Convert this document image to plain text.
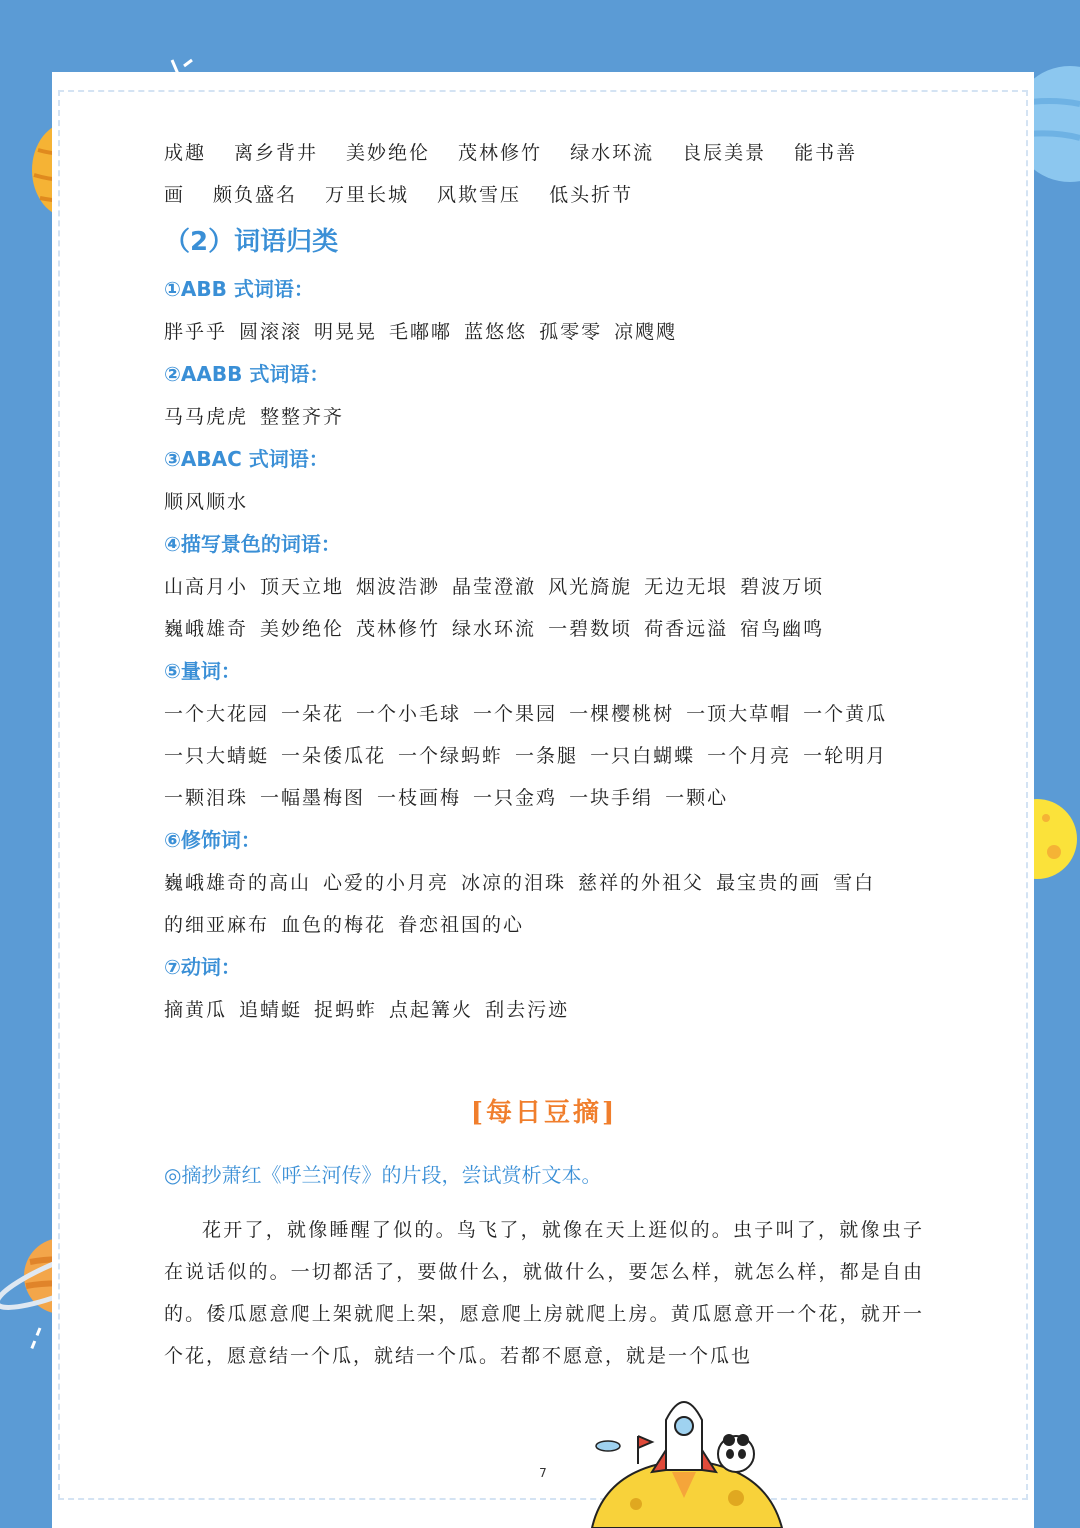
成趣 离乡背井 美妙绝伦 茂林修竹 绿水环流 良辰美景 能书善
画 颇负盛名 万里长城 风欺雪压 低头折节
（2）词语归类
①ABB 式词语：
胖乎乎 圆滚滚 明晃晃 毛嘟嘟 蓝悠悠 孤零零 凉飕飕
②AABB 式词语：
马马虎虎 整整齐齐
③ABAC 式词语：
顺风顺水
④描写景色的词语：
山高月小 顶天立地 烟波浩渺 晶莹澄澈 风光旖旎 无边无垠 碧波万顷
巍峨雄奇 美妙绝伦 茂林修竹 绿水环流 一碧数顷 荷香远溢 宿鸟幽鸣
⑤量词：
一个大花园 一朵花 一个小毛球 一个果园 一棵樱桃树 一顶大草帽 一个黄瓜
一只大蜻蜓 一朵倭瓜花 一个绿蚂蚱 一条腿 一只白蝴蝶 一个月亮 一轮明月
一颗泪珠 一幅墨梅图 一枝画梅 一只金鸡 一块手绢 一颗心
⑥修饰词：
巍峨雄奇的高山 心爱的小月亮 冰凉的泪珠 慈祥的外祖父 最宝贵的画 雪白
的细亚麻布 血色的梅花 眷恋祖国的心
⑦动词：
摘黄瓜 追蜻蜓 捉蚂蚱 点起篝火 刮去污迹
[每日豆摘]
◎摘抄萧红《呼兰河传》的片段，尝试赏析文本。
花开了，就像睡醒了似的。鸟飞了，就像在天上逛似的。虫子叫了，就像虫子在说话似的。一切都活了，要做什么，就做什么，要怎么样，就怎么样，都是自由的。倭瓜愿意爬上架就爬上架，愿意爬上房就爬上房。黄瓜愿意开一个花，就开一个花，愿意结一个瓜，就结一个瓜。若都不愿意，就是一个瓜也
7
